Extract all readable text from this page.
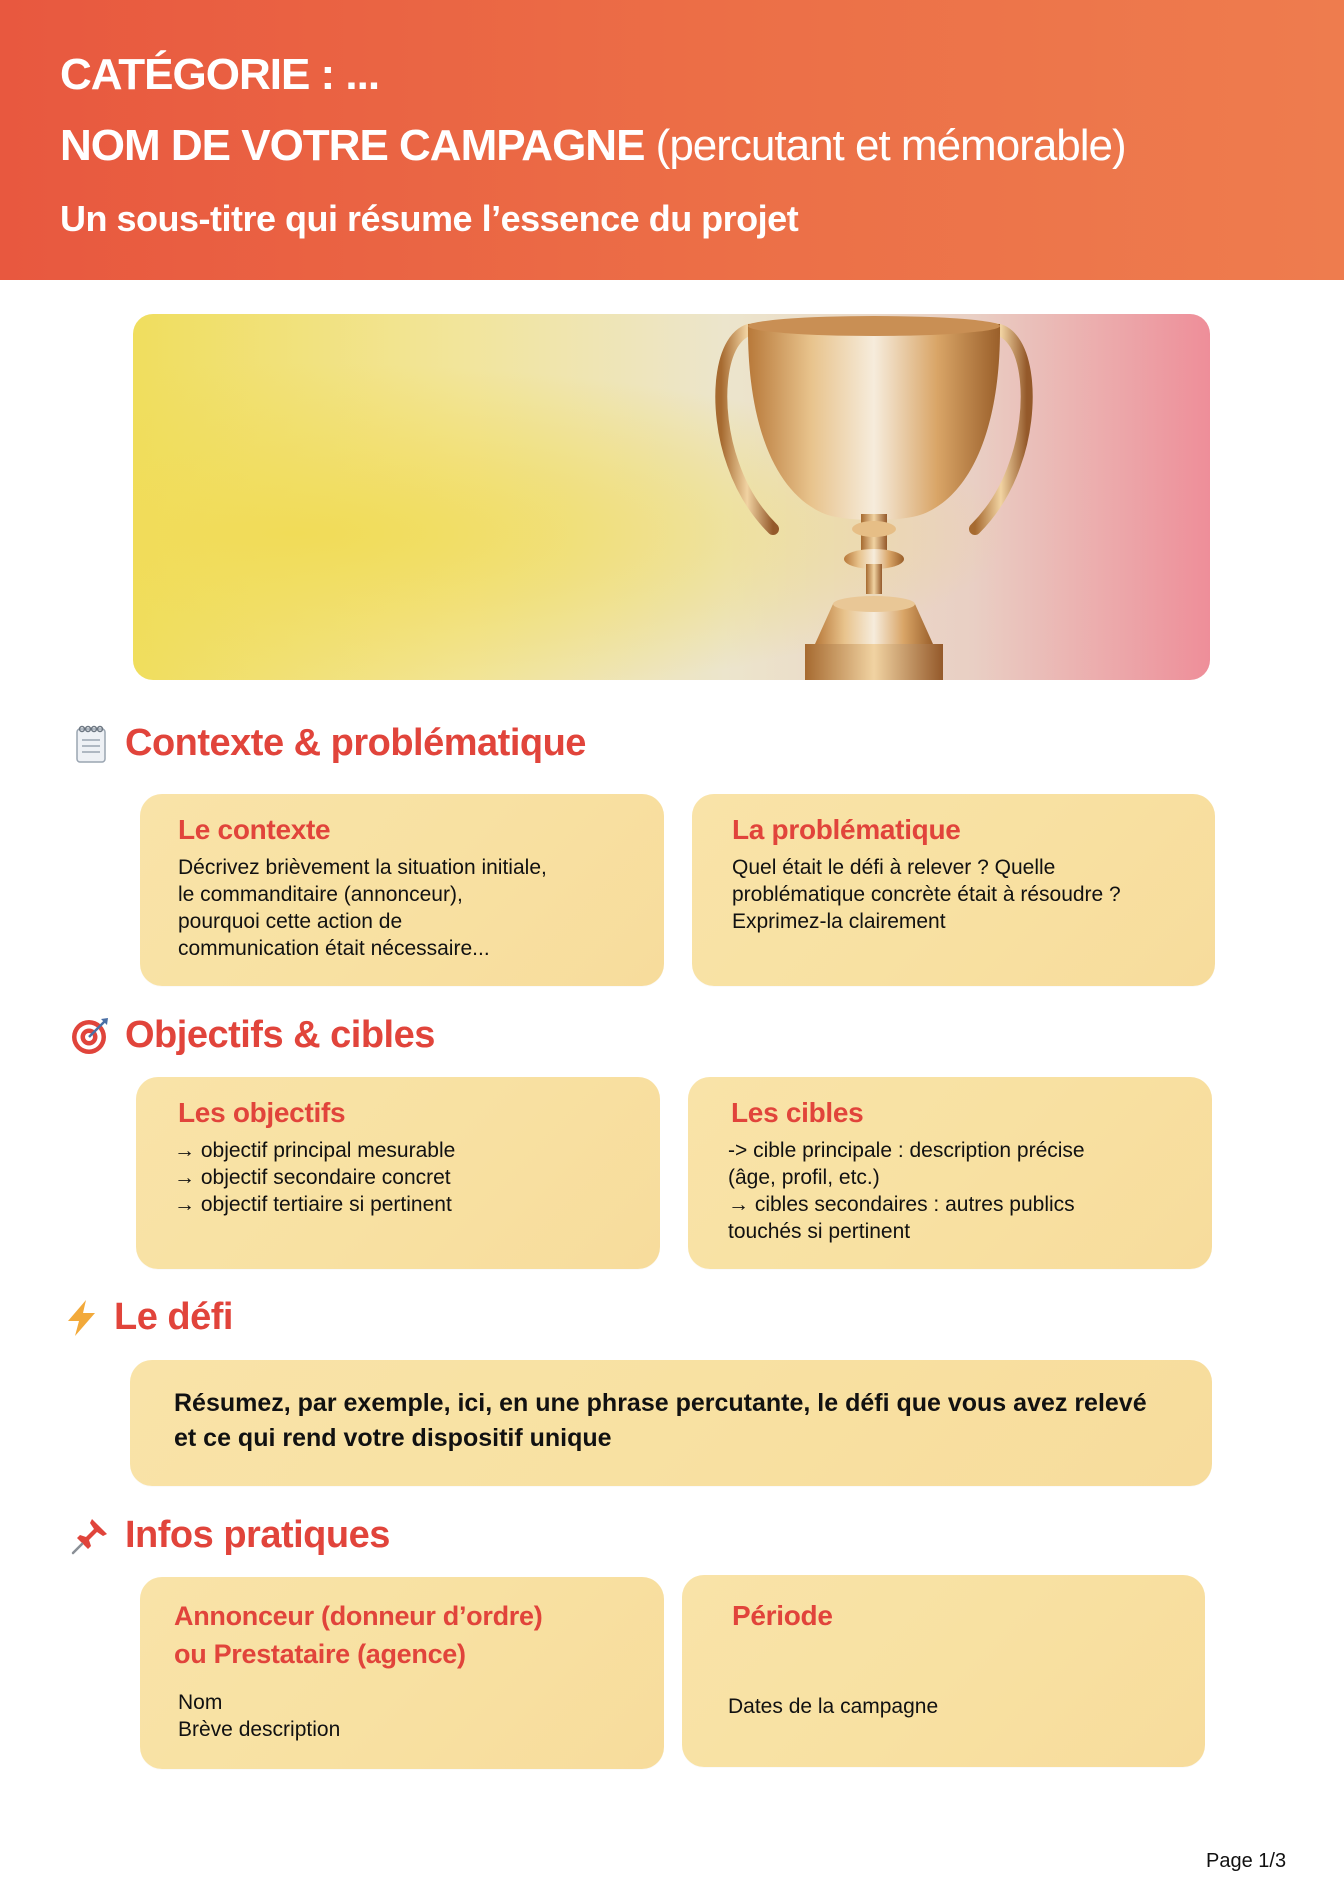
CATÉGORIE : ...
NOM DE VOTRE CAMPAGNE (percutant et mémorable)
Un sous-titre qui résume l’essence du projet
Contexte & problématique
Le contexte
Décrivez brièvement la situation initiale,
le commanditaire (annonceur),
pourquoi cette action de
communication était nécessaire...
La problématique
Quel était le défi à relever ? Quelle
problématique concrète était à résoudre ?
Exprimez-la clairement
Objectifs & cibles
Les objectifs
→ objectif principal mesurable
→ objectif secondaire concret
→ objectif tertiaire si pertinent
Les cibles
-> cible principale : description précise
(âge, profil, etc.)
→ cibles secondaires : autres publics
touchés si pertinent
Le défi
Résumez, par exemple, ici, en une phrase percutante, le défi que vous avez relevé
et ce qui rend votre dispositif unique
Infos pratiques
Annonceur (donneur d’ordre)
ou Prestataire (agence)
Nom
Brève description
Période
Dates de la campagne
Page 1/3
